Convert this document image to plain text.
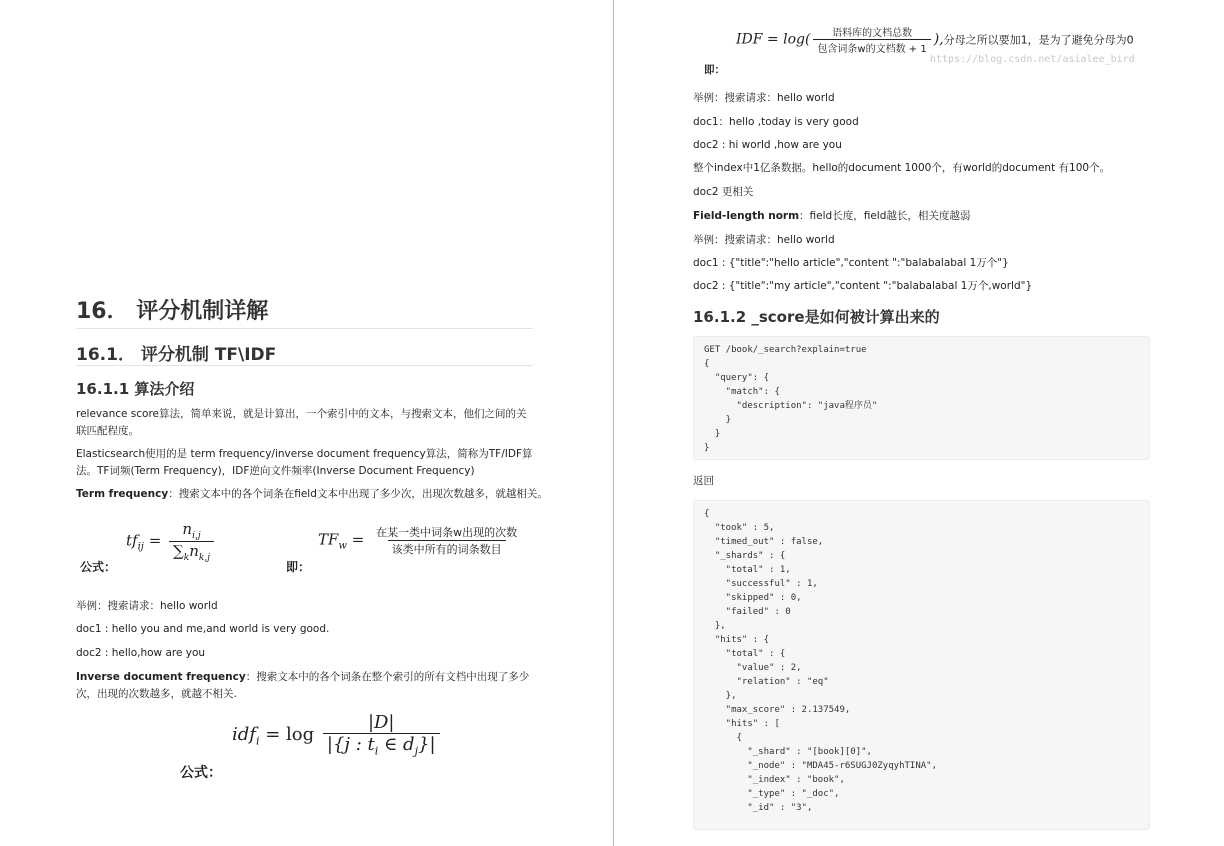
16． 评分机制详解
16.1． 评分机制 TF\IDF
16.1.1 算法介绍
relevance score算法，简单来说，就是计算出，一个索引中的文本，与搜索文本，他们之间的关联匹配程度。
Elasticsearch使用的是 term frequency/inverse document frequency算法，简称为TF/IDF算法。TF词频(Term Frequency)，IDF逆向文件频率(Inverse Document Frequency)
Term frequency：搜索文本中的各个词条在field文本中出现了多少次，出现次数越多，就越相关。
$tf_{ij} = \frac{n_{i,j}}{\sum_kn_{k,j}}$
公式：
$TF_w = \frac{\text{在某一类中词条w出现的次数}}{\text{该类中所有的词条数目}}$
即：
举例：搜索请求：hello world
doc1 : hello you and me,and world is very good.
doc2 : hello,how are you
Inverse document frequency：搜索文本中的各个词条在整个索引的所有文档中出现了多少次，出现的次数越多，就越不相关.
$idf_i = \log \frac{|D|}{|\{j : t_i \in d_j\}|}$
公式：
IDF = $\log( \frac{\text{语料库的文档总数}}{\text{包含词条w的文档数 + 1}}$ ),分母之所以要加1，是为了避免分母为0
https://blog.csdn.net/asialee_bird
即：
举例：搜索请求：hello world
doc1：hello ,today is very good
doc2 : hi world ,how are you
整个index中1亿条数据。hello的document 1000个，有world的document 有100个。
doc2 更相关
Field-length norm：field长度，field越长，相关度越弱
举例：搜索请求：hello world
doc1 : {"title":"hello article","content ":"balabalabal 1万个"}
doc2 : {"title":"my article","content ":"balabalabal 1万个,world"}
16.1.2 _score是如何被计算出来的
GET /book/_search?explain=true
{
"query": {
"match": {
"description": "java程序员"
}
}
}
返回
{
"took" : 5,
"timed_out" : false,
"_shards" : {
"total" : 1,
"successful" : 1,
"skipped" : 0,
"failed" : 0
},
"hits" : {
"total" : {
"value" : 2,
"relation" : "eq"
},
"max_score" : 2.137549,
"hits" : [
{
"_shard" : "[book][0]",
"_node" : "MDA45-r6SUGJ0ZyqyhTINA",
"_index" : "book",
"_type" : "_doc",
"_id" : "3",
